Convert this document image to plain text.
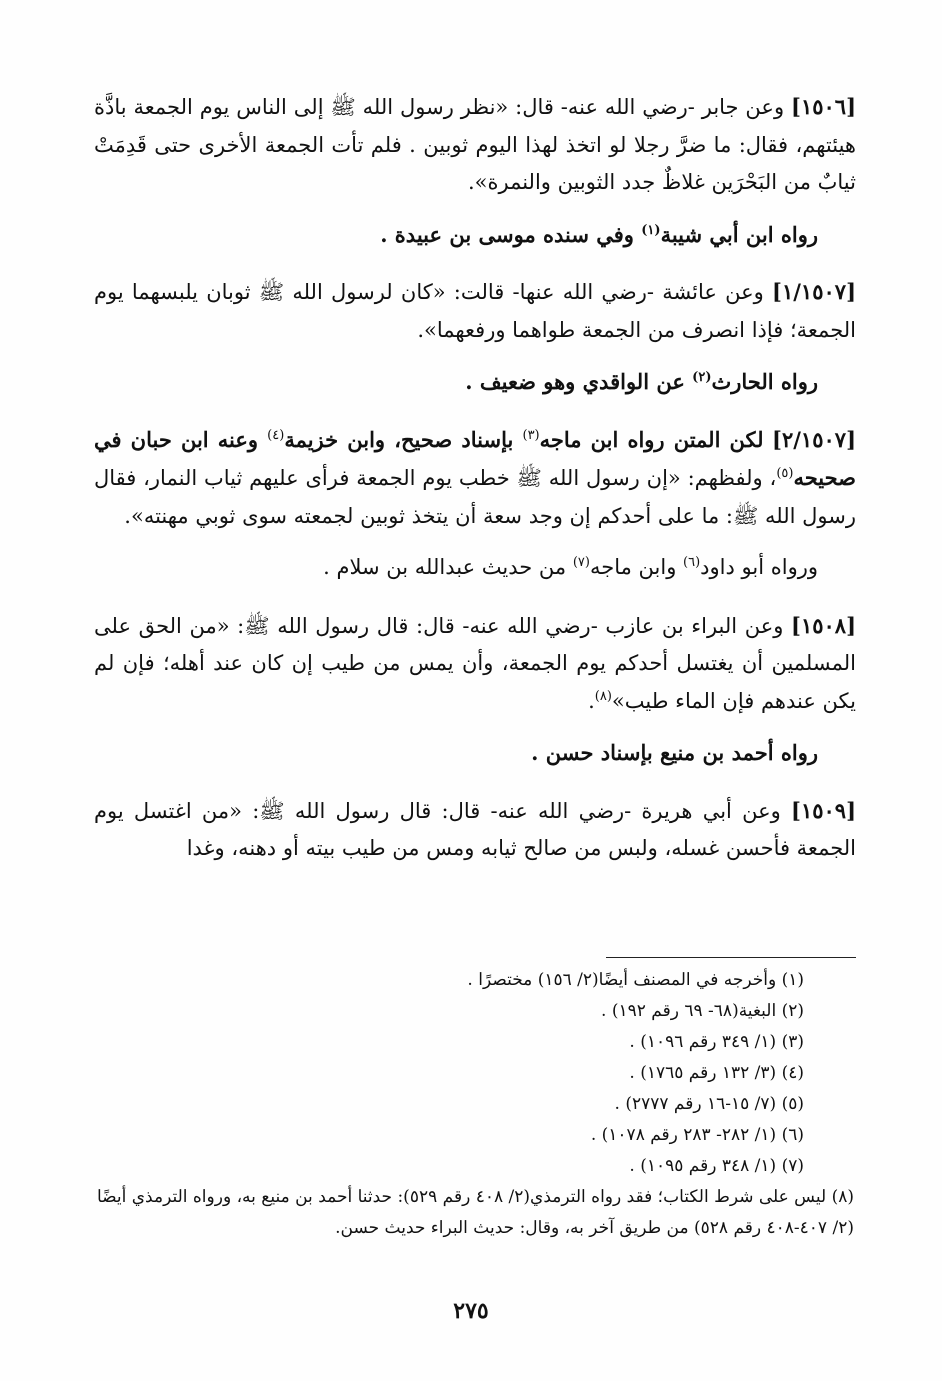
[١٥٠٦] وعن جابر -رضي الله عنه- قال: «نظر رسول الله ﷺ إلى الناس يوم الجمعة باذَّة هيئتهم، فقال: ما ضرَّ رجلا لو اتخذ لهذا اليوم ثوبين . فلم تأت الجمعة الأخرى حتى قَدِمَتْ ثيابٌ من البَحْرَين غلاظٌ جدد الثوبين والنمرة».

رواه ابن أبي شيبة$^{(١)}$ وفي سنده موسى بن عبيدة .

[١/١٥٠٧] وعن عائشة -رضي الله عنها- قالت: «كان لرسول الله ﷺ ثوبان يلبسهما يوم الجمعة؛ فإذا انصرف من الجمعة طواهما ورفعهما».

رواه الحارث$^{(٢)}$ عن الواقدي وهو ضعيف .

[٢/١٥٠٧] لكن المتن رواه ابن ماجه$^{(٣)}$ بإسناد صحيح، وابن خزيمة$^{(٤)}$ وعنه ابن حبان في صحيحه$^{(٥)}$، ولفظهم: «إن رسول الله ﷺ خطب يوم الجمعة فرأى عليهم ثياب النمار، فقال رسول الله ﷺ: ما على أحدكم إن وجد سعة أن يتخذ ثوبين لجمعته سوى ثوبي مهنته».

ورواه أبو داود$^{(٦)}$ وابن ماجه$^{(٧)}$ من حديث عبدالله بن سلام .

[١٥٠٨] وعن البراء بن عازب -رضي الله عنه- قال: قال رسول الله ﷺ: «من الحق على المسلمين أن يغتسل أحدكم يوم الجمعة، وأن يمس من طيب إن كان عند أهله؛ فإن لم يكن عندهم فإن الماء طيب»$^{(٨)}$.

رواه أحمد بن منيع بإسناد حسن .

[١٥٠٩] وعن أبي هريرة -رضي الله عنه- قال: قال رسول الله ﷺ: «من اغتسل يوم الجمعة فأحسن غسله، ولبس من صالح ثيابه ومس من طيب بيته أو دهنه، وغدا

(١) وأخرجه في المصنف أيضًا(٢/ ١٥٦) مختصرًا .

(٢) البغية(٦٨- ٦٩ رقم ١٩٢) .

(٣) (١/ ٣٤٩ رقم ١٠٩٦) .

(٤) (٣/ ١٣٢ رقم ١٧٦٥) .

(٥) (٧/ ١٥-١٦ رقم ٢٧٧٧) .

(٦) (١/ ٢٨٢- ٢٨٣ رقم ١٠٧٨) .

(٧) (١/ ٣٤٨ رقم ١٠٩٥) .

(٨) ليس على شرط الكتاب؛ فقد رواه الترمذي(٢/ ٤٠٨ رقم ٥٢٩): حدثنا أحمد بن منيع به، ورواه الترمذي أيضًا (٢/ ٤٠٧-٤٠٨ رقم ٥٢٨) من طريق آخر به، وقال: حديث البراء حديث حسن.

٢٧٥
